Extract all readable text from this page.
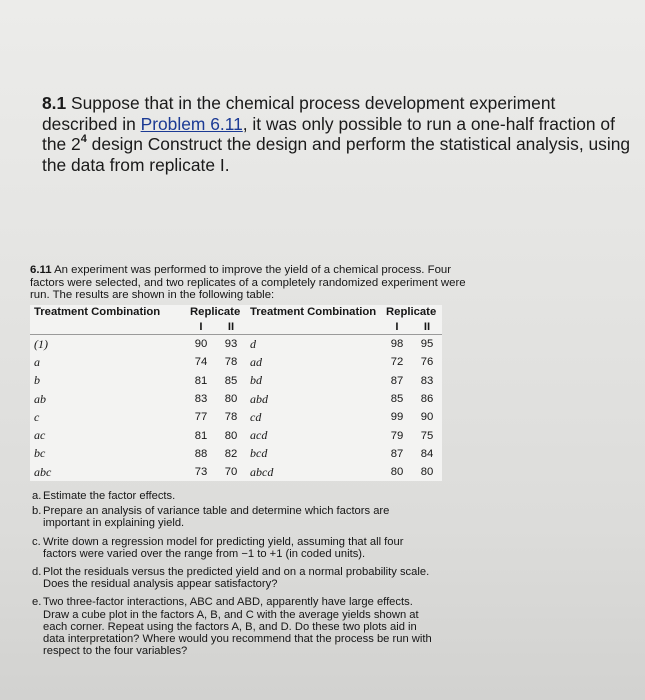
8.1 Suppose that in the chemical process development experiment described in Problem 6.11, it was only possible to run a one-half fraction of the $2^4$ design Construct the design and perform the statistical analysis, using the data from replicate I.
6.11 An experiment was performed to improve the yield of a chemical process. Four factors were selected, and two replicates of a completely randomized experiment were run. The results are shown in the following table:
Treatment Combination	Replicate		Treatment Combination	Replicate	
	I	II		I	II
(1)	90	93	d	98	95
a	74	78	ad	72	76
b	81	85	bd	87	83
ab	83	80	abd	85	86
c	77	78	cd	99	90
ac	81	80	acd	79	75
bc	88	82	bcd	87	84
abc	73	70	abcd	80	80
a. Estimate the factor effects.
b. Prepare an analysis of variance table and determine which factors are important in explaining yield.
c. Write down a regression model for predicting yield, assuming that all four factors were varied over the range from −1 to +1 (in coded units).
d. Plot the residuals versus the predicted yield and on a normal probability scale. Does the residual analysis appear satisfactory?
e. Two three-factor interactions, ABC and ABD, apparently have large effects. Draw a cube plot in the factors A, B, and C with the average yields shown at each corner. Repeat using the factors A, B, and D. Do these two plots aid in data interpretation? Where would you recommend that the process be run with respect to the four variables?
